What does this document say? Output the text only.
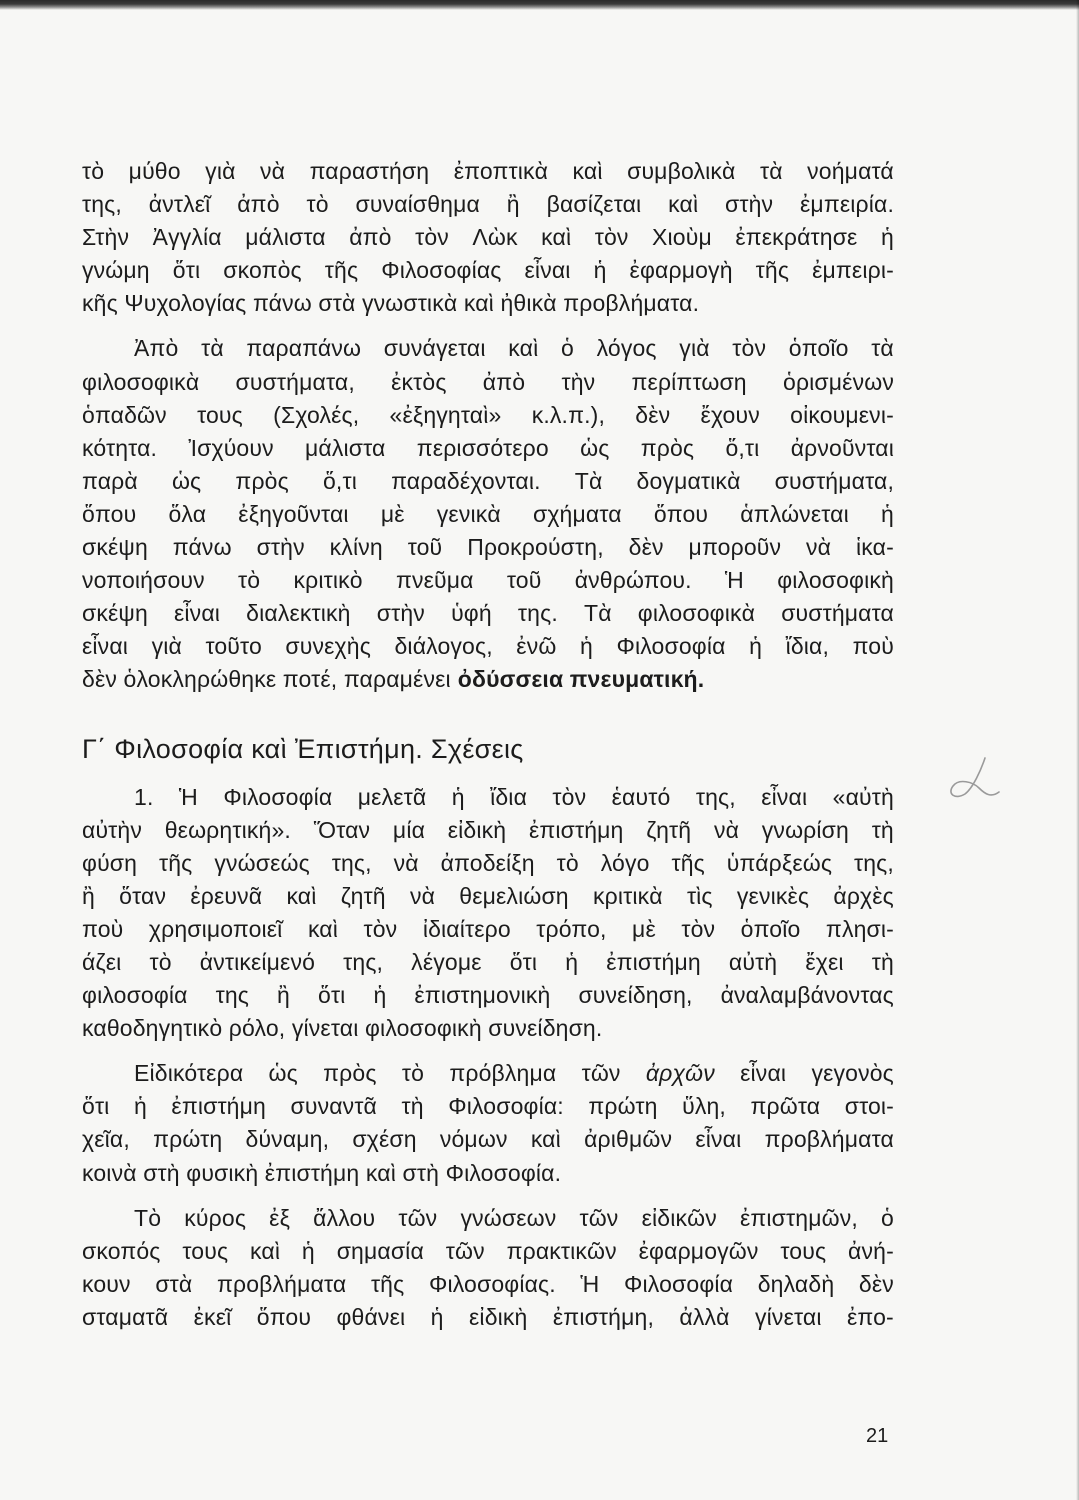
τὸ μύθο γιὰ νὰ παραστήση ἐποπτικὰ καὶ συμβολικὰ τὰ νοήματά
της, ἀντλεῖ ἀπὸ τὸ συναίσθημα ἢ βασίζεται καὶ στὴν ἐμπειρία.
Στὴν Ἀγγλία μάλιστα ἀπὸ τὸν Λὼκ καὶ τὸν Χιοὺμ ἐπεκράτησε ἡ
γνώμη ὅτι σκοπὸς τῆς Φιλοσοφίας εἶναι ἡ ἐφαρμογὴ τῆς ἐμπειρι-
κῆς Ψυχολογίας πάνω στὰ γνωστικὰ καὶ ἠθικὰ προβλήματα.
Ἀπὸ τὰ παραπάνω συνάγεται καὶ ὁ λόγος γιὰ τὸν ὁποῖο τὰ
φιλοσοφικὰ συστήματα, ἐκτὸς ἀπὸ τὴν περίπτωση ὁρισμένων
ὁπαδῶν τους (Σχολές, «ἐξηγηταὶ» κ.λ.π.), δὲν ἔχουν οἰκουμενι-
κότητα. Ἰσχύουν μάλιστα περισσότερο ὡς πρὸς ὅ,τι ἀρνοῦνται
παρὰ ὡς πρὸς ὅ,τι παραδέχονται. Τὰ δογματικὰ συστήματα,
ὅπου ὅλα ἐξηγοῦνται μὲ γενικὰ σχήματα ὅπου ἁπλώνεται ἡ
σκέψη πάνω στὴν κλίνη τοῦ Προκρούστη, δὲν μποροῦν νὰ ἱκα-
νοποιήσουν τὸ κριτικὸ πνεῦμα τοῦ ἀνθρώπου. Ἡ φιλοσοφικὴ
σκέψη εἶναι διαλεκτικὴ στὴν ὑφή της. Τὰ φιλοσοφικὰ συστήματα
εἶναι γιὰ τοῦτο συνεχὴς διάλογος, ἐνῶ ἡ Φιλοσοφία ἡ ἴδια, ποὺ
δὲν ὁλοκληρώθηκε ποτέ, παραμένει ὀδύσσεια πνευματική.
Γ΄ Φιλοσοφία καὶ Ἐπιστήμη. Σχέσεις
1. Ἡ Φιλοσοφία μελετᾶ ἡ ἴδια τὸν ἑαυτό της, εἶναι «αὐτὴ
αὐτὴν θεωρητική». Ὅταν μία εἰδικὴ ἐπιστήμη ζητῆ νὰ γνωρίση τὴ
φύση τῆς γνώσεώς της, νὰ ἀποδείξη τὸ λόγο τῆς ὑπάρξεώς της,
ἢ ὅταν ἐρευνᾶ καὶ ζητῆ νὰ θεμελιώση κριτικὰ τὶς γενικὲς ἀρχὲς
ποὺ χρησιμοποιεῖ καὶ τὸν ἰδιαίτερο τρόπο, μὲ τὸν ὁποῖο πλησι-
άζει τὸ ἀντικείμενό της, λέγομε ὅτι ἡ ἐπιστήμη αὐτὴ ἔχει τὴ
φιλοσοφία της ἢ ὅτι ἡ ἐπιστημονικὴ συνείδηση, ἀναλαμβάνοντας
καθοδηγητικὸ ρόλο, γίνεται φιλοσοφικὴ συνείδηση.
Εἰδικότερα ὡς πρὸς τὸ πρόβλημα τῶν ἀρχῶν εἶναι γεγονὸς
ὅτι ἡ ἐπιστήμη συναντᾶ τὴ Φιλοσοφία: πρώτη ὕλη, πρῶτα στοι-
χεῖα, πρώτη δύναμη, σχέση νόμων καὶ ἀριθμῶν εἶναι προβλήματα
κοινὰ στὴ φυσικὴ ἐπιστήμη καὶ στὴ Φιλοσοφία.
Τὸ κύρος ἐξ ἄλλου τῶν γνώσεων τῶν εἰδικῶν ἐπιστημῶν, ὁ
σκοπός τους καὶ ἡ σημασία τῶν πρακτικῶν ἐφαρμογῶν τους ἀνή-
κουν στὰ προβλήματα τῆς Φιλοσοφίας. Ἡ Φιλοσοφία δηλαδὴ δὲν
σταματᾶ ἐκεῖ ὅπου φθάνει ἡ εἰδικὴ ἐπιστήμη, ἀλλὰ γίνεται ἐπο-
21
